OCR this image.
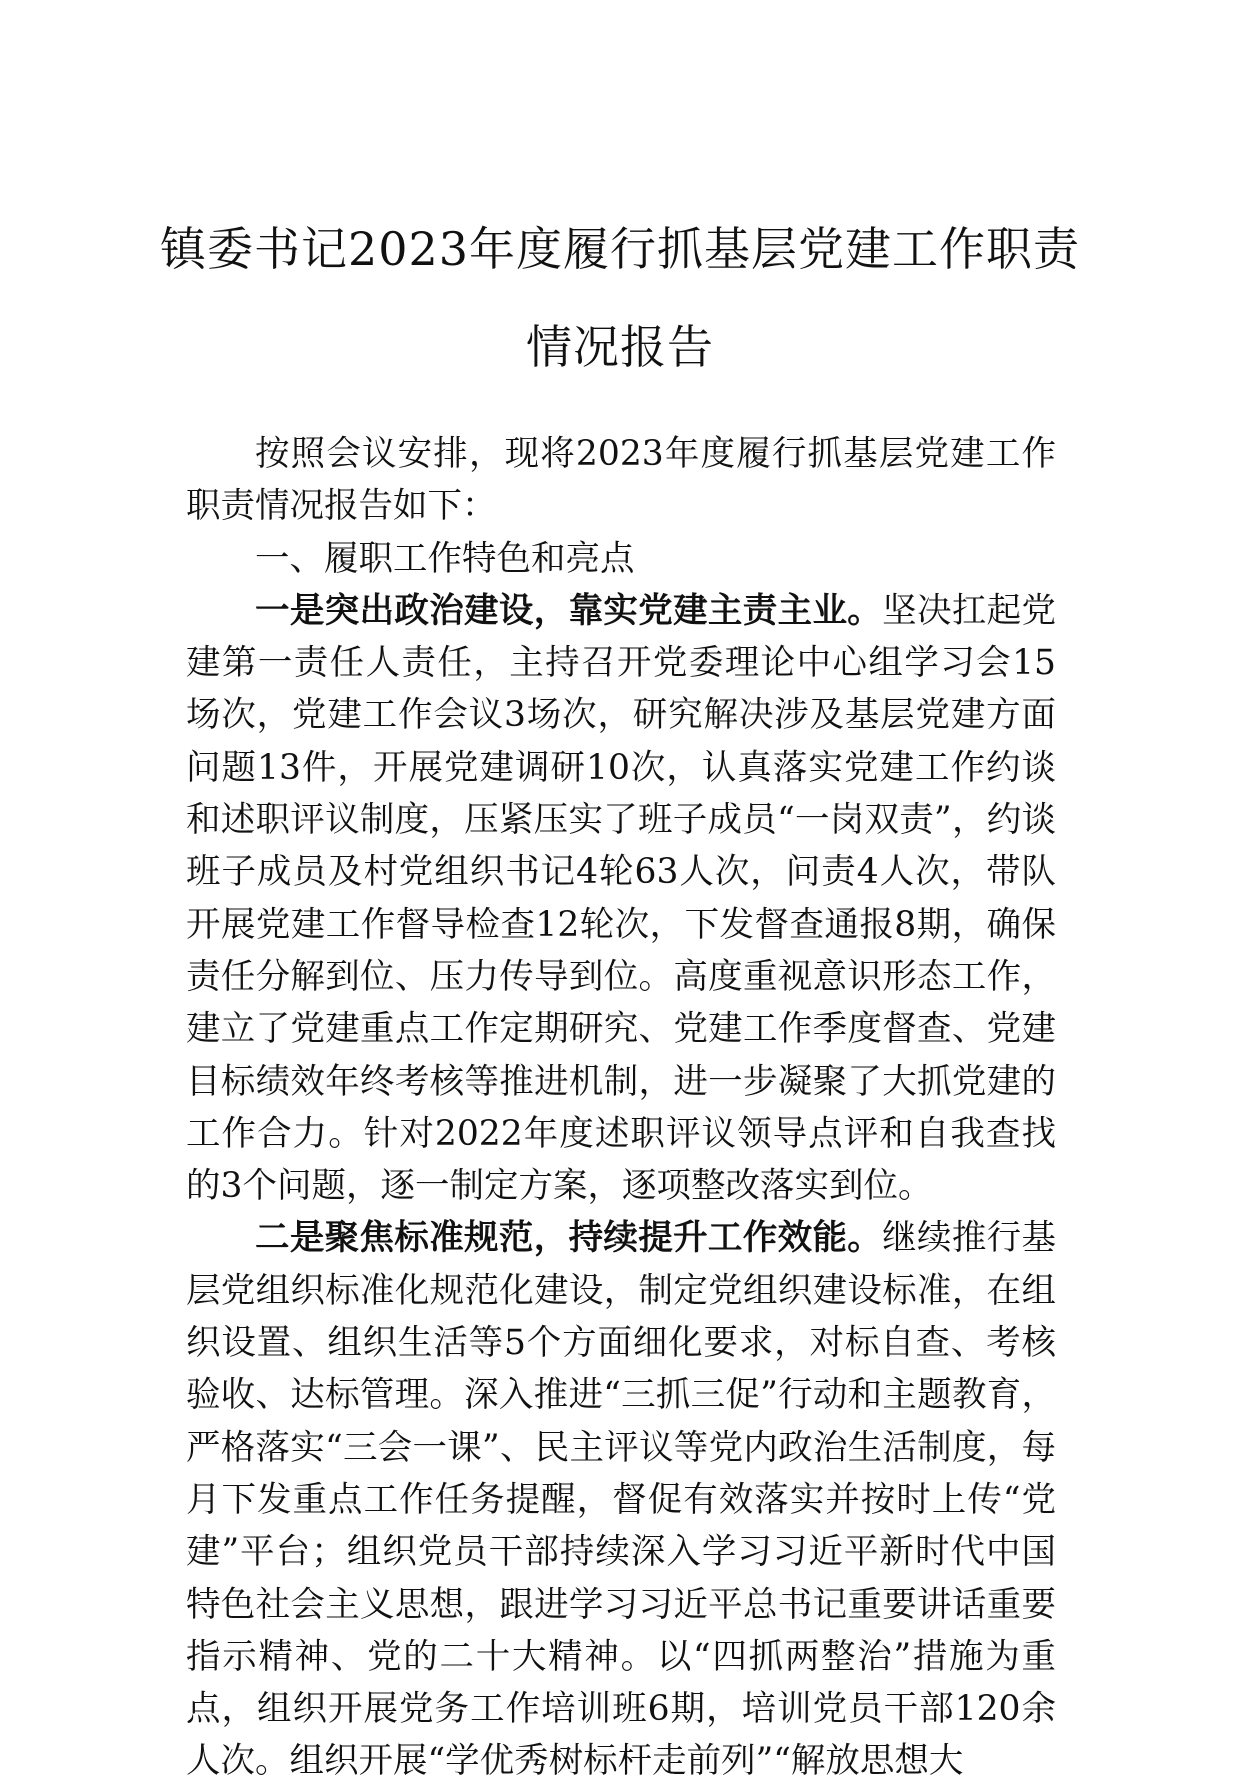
镇委书记2023年度履行抓基层党建工作职责情况报告

按照会议安排，现将2023年度履行抓基层党建工作职责情况报告如下：

一、履职工作特色和亮点

一是突出政治建设，靠实党建主责主业。坚决扛起党建第一责任人责任，主持召开党委理论中心组学习会15场次，党建工作会议3场次，研究解决涉及基层党建方面问题13件，开展党建调研10次，认真落实党建工作约谈和述职评议制度，压紧压实了班子成员“一岗双责”，约谈班子成员及村党组织书记4轮63人次，问责4人次，带队开展党建工作督导检查12轮次，下发督查通报8期，确保责任分解到位、压力传导到位。高度重视意识形态工作，建立了党建重点工作定期研究、党建工作季度督查、党建目标绩效年终考核等推进机制，进一步凝聚了大抓党建的工作合力。针对2022年度述职评议领导点评和自我查找的3个问题，逐一制定方案，逐项整改落实到位。

二是聚焦标准规范，持续提升工作效能。继续推行基层党组织标准化规范化建设，制定党组织建设标准，在组织设置、组织生活等5个方面细化要求，对标自查、考核验收、达标管理。深入推进“三抓三促”行动和主题教育，严格落实“三会一课”、民主评议等党内政治生活制度，每月下发重点工作任务提醒，督促有效落实并按时上传“党建”平台；组织党员干部持续深入学习习近平新时代中国特色社会主义思想，跟进学习习近平总书记重要讲话重要指示精神、党的二十大精神。以“四抓两整治”措施为重点，组织开展党务工作培训班6期，培训党员干部120余人次。组织开展“学优秀树标杆走前列”“解放思想大
